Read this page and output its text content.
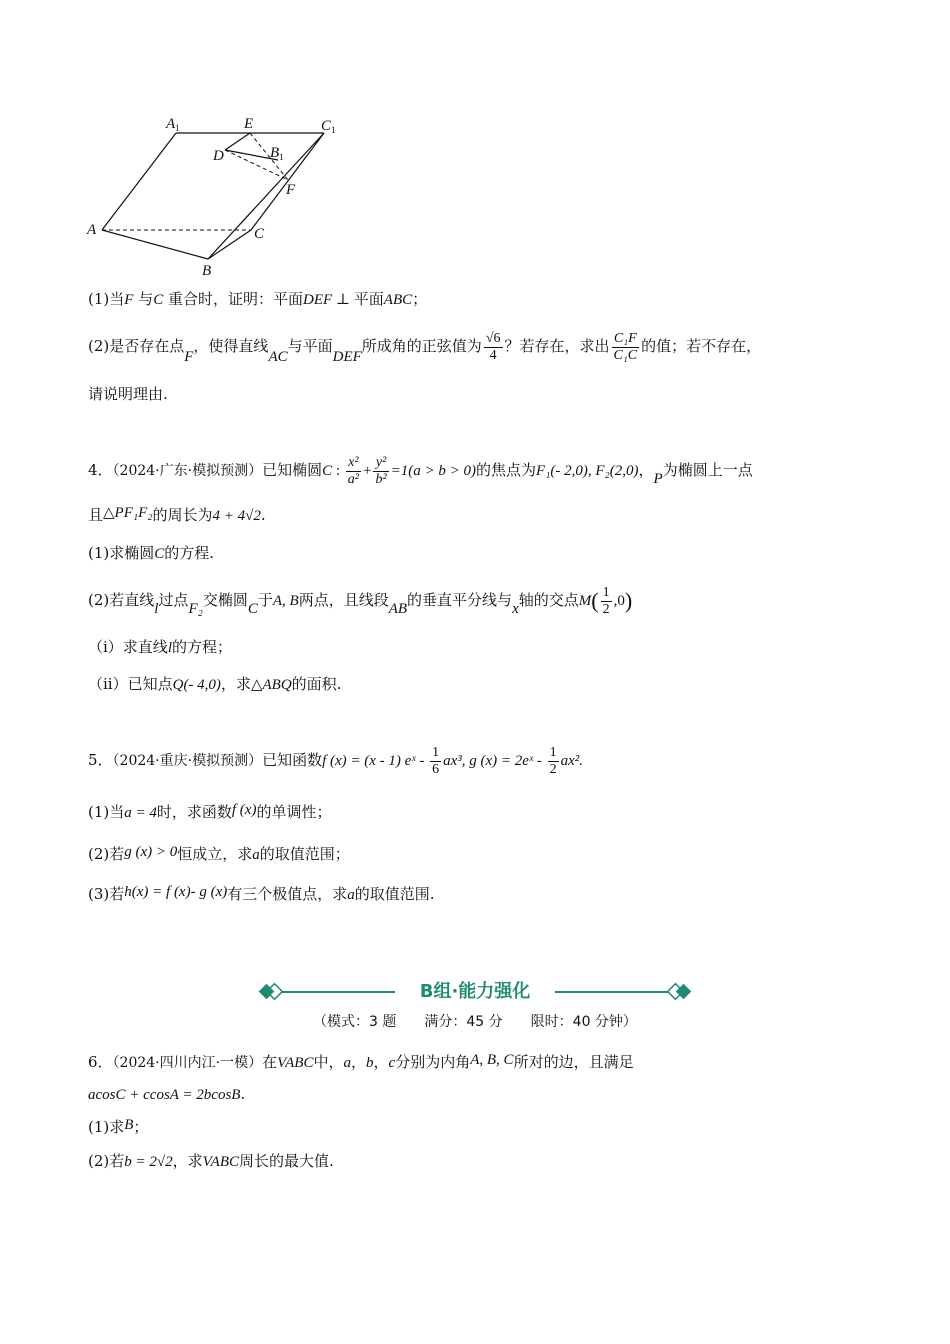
$A_1$	E	$C_1$
D	$B_1$
F
A	C
B
(1)当F 与C 重合时，证明：平面DEF ⊥ 平面ABC；
(2)是否存在点F，使得直线AC与平面DEF所成角的正弦值为 $\frac{√6}{4}$ ？若存在，求出 $\frac{\text{C₁F}}{\text{C₁C}}$ 的值；若不存在，
请说明理由.
4．（2024·广东·模拟预测）已知椭圆C : $\frac{\text{x²}}{\text{a²}} + \frac{\text{y²}}{\text{b²}} =1(a > b > 0)$的焦点为F₁(- 2,0), F₂(2,0)，P为椭圆上一点
且△PF₁F₂的周长为4 + 4√2.
(1)求椭圆C的方程.
(2)若直线l过点F₂交椭圆C于A, B两点，且线段AB的垂直平分线与x轴的交点$M( \frac{1}{2} ,0)$
（i）求直线l的方程；
（ii）已知点Q(- 4,0)，求△ABQ的面积.
5．（2024·重庆·模拟预测）已知函数f (x) = (x - 1) eˣ - $\frac{1}{6} ax^3$, g (x) = 2eˣ - $\frac{1}{2} ax^2$.
(1)当a = 4时，求函数f (x)的单调性；
(2)若g (x) > 0恒成立，求a的取值范围；
(3)若h(x) = f (x)- g (x)有三个极值点，求a的取值范围.
B组·能力强化
（模式：3 题　　满分：45 分　　限时：40 分钟）
6．（2024·四川内江·一模）在VABC中，a，b，c分别为内角A, B, C所对的边，且满足
acosC + ccosA = 2bcosB.
(1)求B；
(2)若b = 2√2，求VABC周长的最大值.
